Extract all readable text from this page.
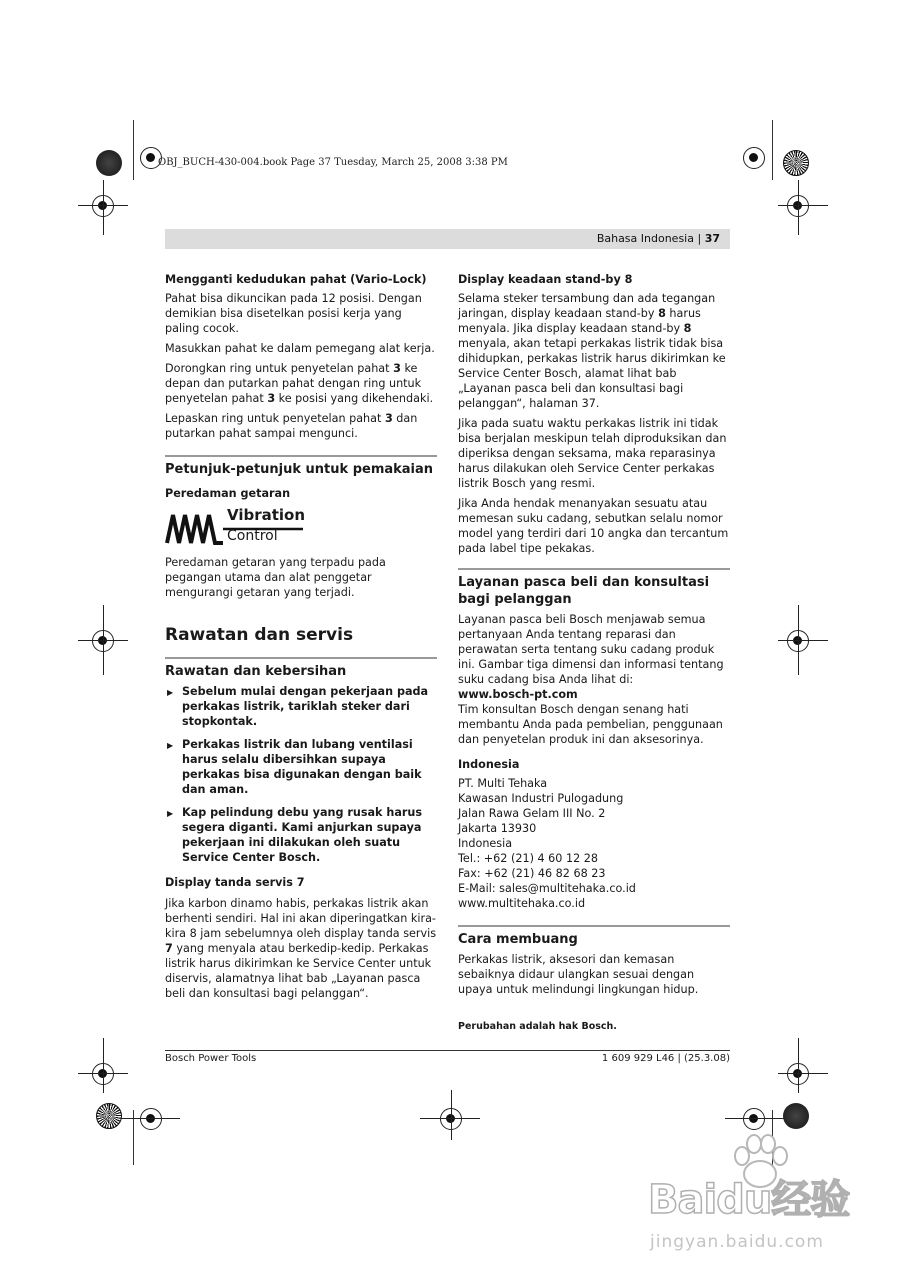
OBJ_BUCH-430-004.book Page 37 Tuesday, March 25, 2008 3:38 PM
Bahasa Indonesia | 37
Mengganti kedudukan pahat (Vario-Lock)

Pahat bisa dikuncikan pada 12 posisi. Dengan demikian bisa disetelkan posisi kerja yang paling cocok.

Masukkan pahat ke dalam pemegang alat kerja.

Dorongkan ring untuk penyetelan pahat 3 ke depan dan putarkan pahat dengan ring untuk penyetelan pahat 3 ke posisi yang dikehendaki.

Lepaskan ring untuk penyetelan pahat 3 dan putarkan pahat sampai mengunci.

Petunjuk-petunjuk untuk pemakaian
Peredaman getaran
Vibration
Control

Peredaman getaran yang terpadu pada pegangan utama dan alat penggetar mengurangi getaran yang terjadi.

Rawatan dan servis
Rawatan dan kebersihan
▶ Sebelum mulai dengan pekerjaan pada perkakas listrik, tariklah steker dari stopkontak.
▶ Perkakas listrik dan lubang ventilasi harus selalu dibersihkan supaya perkakas bisa digunakan dengan baik dan aman.
▶ Kap pelindung debu yang rusak harus segera diganti. Kami anjurkan supaya pekerjaan ini dilakukan oleh suatu Service Center Bosch.
Display tanda servis 7

Jika karbon dinamo habis, perkakas listrik akan berhenti sendiri. Hal ini akan diperingatkan kira-kira 8 jam sebelumnya oleh display tanda servis 7 yang menyala atau berkedip-kedip. Perkakas listrik harus dikirimkan ke Service Center untuk diservis, alamatnya lihat bab „Layanan pasca beli dan konsultasi bagi pelanggan“.

Display keadaan stand-by 8

Selama steker tersambung dan ada tegangan jaringan, display keadaan stand-by 8 harus menyala. Jika display keadaan stand-by 8 menyala, akan tetapi perkakas listrik tidak bisa dihidupkan, perkakas listrik harus dikirimkan ke Service Center Bosch, alamat lihat bab „Layanan pasca beli dan konsultasi bagi pelanggan“, halaman 37.

Jika pada suatu waktu perkakas listrik ini tidak bisa berjalan meskipun telah diproduksikan dan diperiksa dengan seksama, maka reparasinya harus dilakukan oleh Service Center perkakas listrik Bosch yang resmi.

Jika Anda hendak menanyakan sesuatu atau memesan suku cadang, sebutkan selalu nomor model yang terdiri dari 10 angka dan tercantum pada label tipe pekakas.

Layanan pasca beli dan konsultasi bagi pelanggan
Layanan pasca beli Bosch menjawab semua pertanyaan Anda tentang reparasi dan perawatan serta tentang suku cadang produk ini. Gambar tiga dimensi dan informasi tentang suku cadang bisa Anda lihat di:
www.bosch-pt.com

Tim konsultan Bosch dengan senang hati membantu Anda pada pembelian, penggunaan dan penyetelan produk ini dan aksesorinya.

Indonesia
PT. Multi Tehaka
Kawasan Industri Pulogadung
Jalan Rawa Gelam III No. 2
Jakarta 13930
Indonesia
Tel.: +62 (21) 4 60 12 28
Fax: +62 (21) 46 82 68 23
E-Mail: sales@multitehaka.co.id
www.multitehaka.co.id
Cara membuang

Perkakas listrik, aksesori dan kemasan sebaiknya didaur ulangkan sesuai dengan upaya untuk melindungi lingkungan hidup.

Perubahan adalah hak Bosch.
Bosch Power Tools	1 609 929 L46 | (25.3.08)
Baidu经验
jingyan.baidu.com
